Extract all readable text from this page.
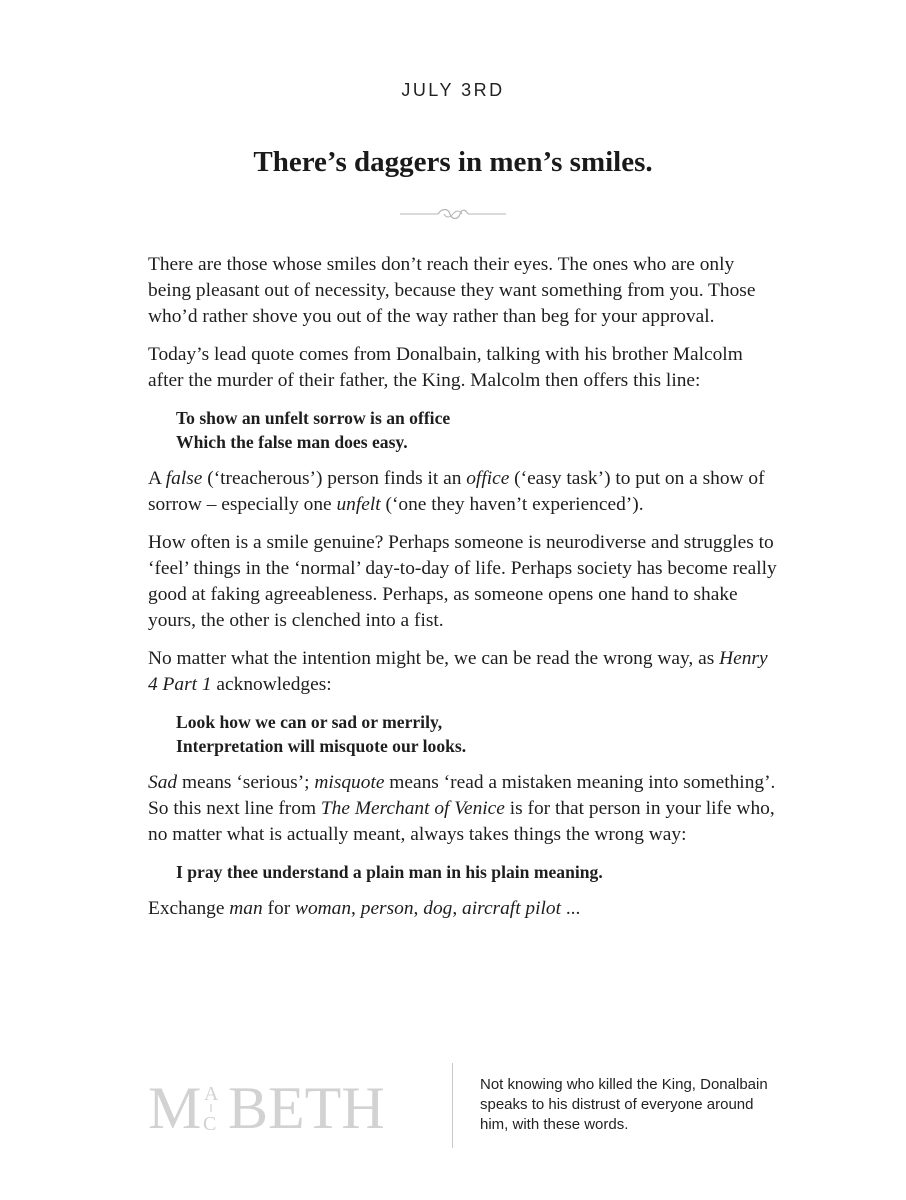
JULY 3RD
There’s daggers in men’s smiles.

There are those whose smiles don’t reach their eyes. The ones who are only being pleasant out of necessity, because they want something from you. Those who’d rather shove you out of the way rather than beg for your approval.

Today’s lead quote comes from Donalbain, talking with his brother Malcolm after the murder of their father, the King. Malcolm then offers this line:

To show an unfelt sorrow is an office
Which the false man does easy.

A false (‘treacherous’) person finds it an office (‘easy task’) to put on a show of sorrow – especially one unfelt (‘one they haven’t experienced’).

How often is a smile genuine? Perhaps someone is neurodiverse and struggles to ‘feel’ things in the ‘normal’ day-to-day of life. Perhaps society has become really good at faking agreeableness. Perhaps, as someone opens one hand to shake yours, the other is clenched into a fist.

No matter what the intention might be, we can be read the wrong way, as Henry 4 Part 1 acknowledges:

Look how we can or sad or merrily,
Interpretation will misquote our looks.

Sad means ‘serious’; misquote means ‘read a mistaken meaning into something’. So this next line from The Merchant of Venice is for that person in your life who, no matter what is actually meant, always takes things the wrong way:

I pray thee understand a plain man in his plain meaning.

Exchange man for woman, person, dog, aircraft pilot ...

M A
C BETH	Not knowing who killed the King, Donalbain speaks to his distrust of everyone around him, with these words.
